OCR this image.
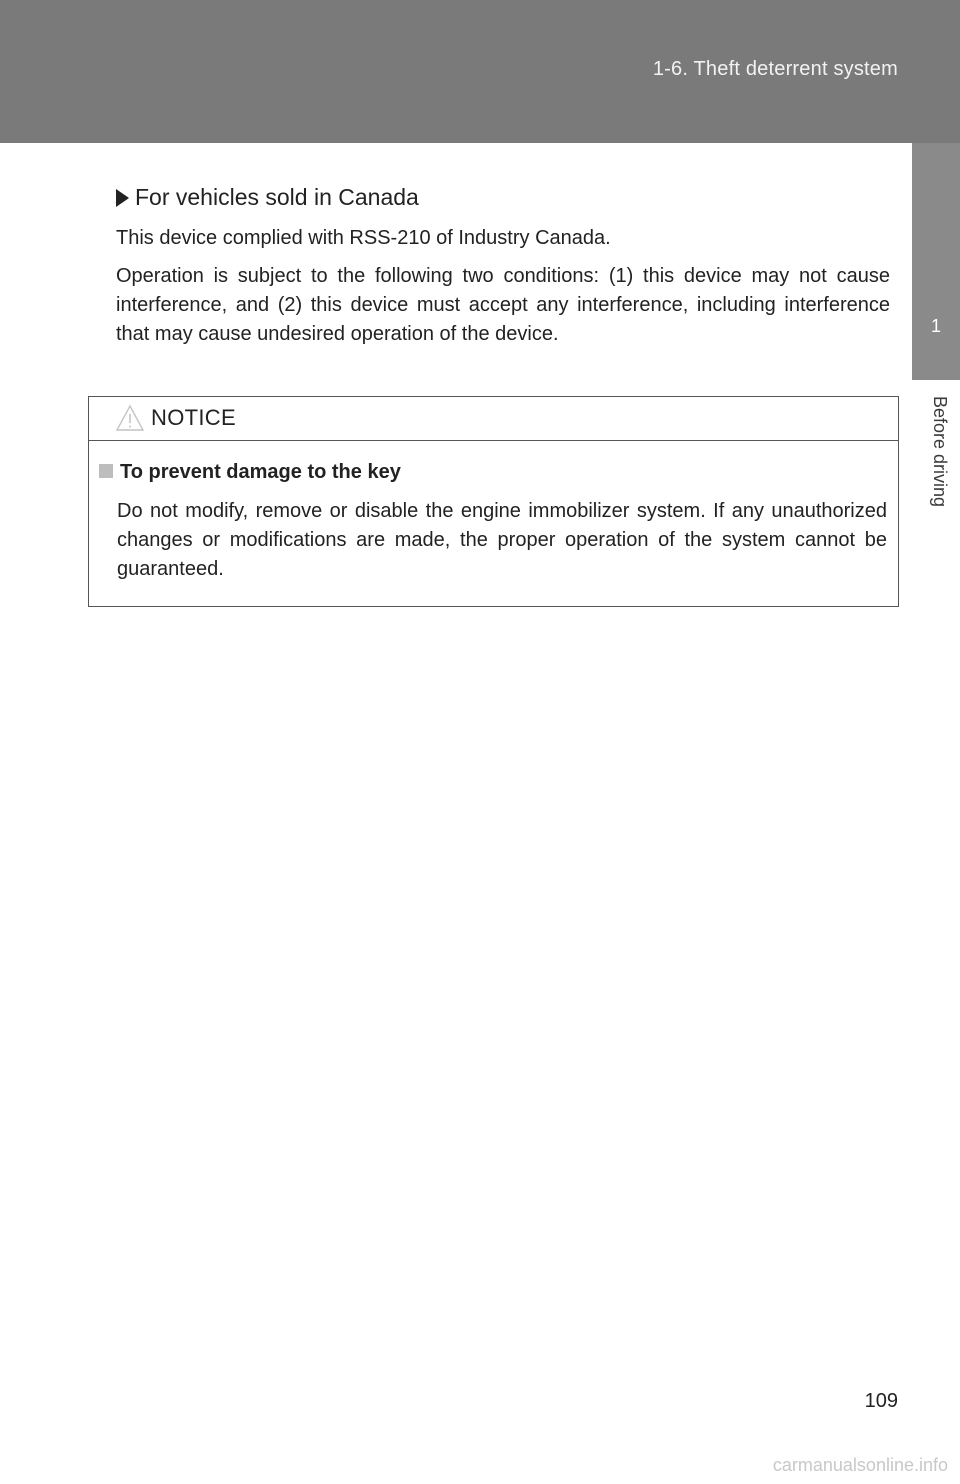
1-6. Theft deterrent system
1
Before driving
For vehicles sold in Canada
This device complied with RSS-210 of Industry Canada.
Operation is subject to the following two conditions: (1) this device may not cause interference, and (2) this device must accept any interference, including interference that may cause undesired operation of the device.
NOTICE
To prevent damage to the key
Do not modify, remove or disable the engine immobilizer system. If any unauthorized changes or modifications are made, the proper operation of the system cannot be guaranteed.
109
carmanualsonline.info
